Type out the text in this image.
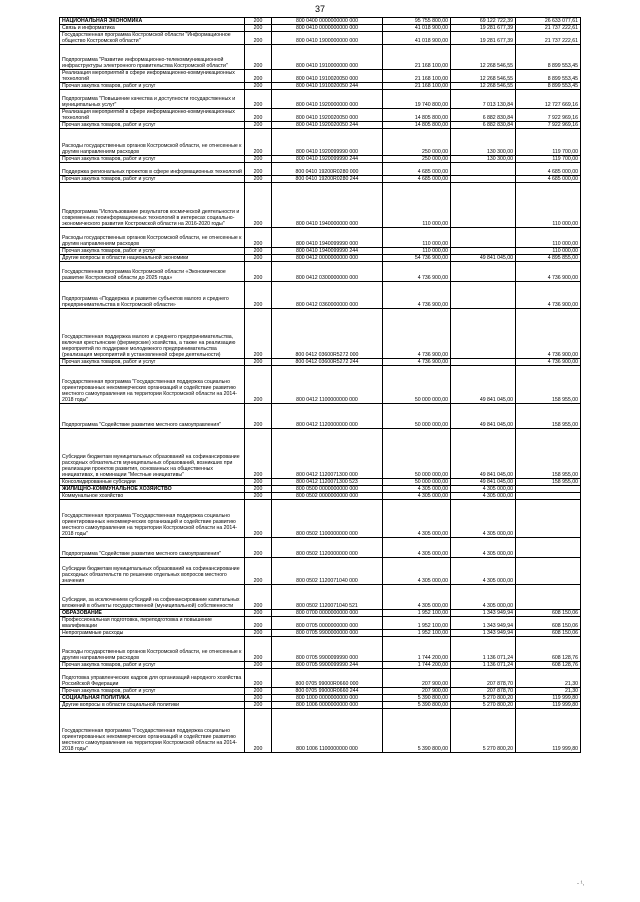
37
НАЦИОНАЛЬНАЯ ЭКОНОМИКА	200	800 0400 0000000000 000	95 755 800,00	69 122 722,39	26 633 077,61
Связь и информатика	200	800 0410 0000000000 000	41 018 900,00	19 281 677,39	21 737 222,61
Государственная программа Костромской области "Информационное общество Костромской области"	200	800 0410 1900000000 000	41 018 900,00	19 281 677,39	21 737 222,61
Подпрограмма "Развитие информационно-телекоммуникационной инфраструктуры электронного правительства Костромской области"	200	800 0410 1910000000 000	21 168 100,00	12 268 546,55	8 899 553,45
Реализация мероприятий в сфере информационно-коммуникационных технологий	200	800 0410 1910020050 000	21 168 100,00	12 268 546,55	8 899 553,45
Прочая закупка товаров, работ и услуг	200	800 0410 1910020050 244	21 168 100,00	12 268 546,55	8 899 553,45
Подпрограмма "Повышение качества и доступности государственных и муниципальных услуг"	200	800 0410 1920000000 000	19 740 800,00	7 013 130,84	12 727 669,16
Реализация мероприятий в сфере информационно-коммуникационных технологий	200	800 0410 1920020050 000	14 805 800,00	6 882 830,84	7 922 969,16
Прочая закупка товаров, работ и услуг	200	800 0410 1920020050 244	14 805 800,00	6 882 830,84	7 922 969,16
Расходы государственных органов Костромской области, не отнесенные к другим направлениям расходов	200	800 0410 1920099990 000	250 000,00	130 300,00	119 700,00
Прочая закупка товаров, работ и услуг	200	800 0410 1920099990 244	250 000,00	130 300,00	119 700,00
Поддержка региональных проектов в сфере информационных технологий	200	800 0410 19200R0280 000	4 685 000,00		4 685 000,00
Прочая закупка товаров, работ и услуг	200	800 0410 19200R0280 244	4 685 000,00		4 685 000,00
Подпрограмма "Использование результатов космической деятельности и современных геоинформационных технологий в интересах социально-экономического развития Костромской области на 2016-2020 годы"	200	800 0410 1940000000 000	110 000,00		110 000,00
Расходы государственных органов Костромской области, не отнесенные к другим направлениям расходов	200	800 0410 1940099990 000	110 000,00		110 000,00
Прочая закупка товаров, работ и услуг	200	800 0410 1940099990 244	110 000,00		110 000,00
Другие вопросы в области национальной экономики	200	800 0412 0000000000 000	54 736 900,00	49 841 045,00	4 895 855,00
Государственная программа Костромской области «Экономическое развитие Костромской области до 2025 года»	200	800 0412 0300000000 000	4 736 900,00		4 736 900,00
Подпрограмма «Поддержка и развитие субъектов малого и среднего предпринимательства в Костромской области»	200	800 0412 0360000000 000	4 736 900,00		4 736 900,00
Государственная поддержка малого и среднего предпринимательства, включая крестьянские (фермерские) хозяйства, а также на реализацию мероприятий по поддержке молодежного предпринимательства (реализация мероприятий в установленной сфере деятельности)	200	800 0412 03600R5272 000	4 736 900,00		4 736 900,00
Прочая закупка товаров, работ и услуг	200	800 0412 03600R5272 244	4 736 900,00		4 736 900,00
Государственная программа "Государственная поддержка социально ориентированных некоммерческих организаций и содействие развитию местного самоуправления на территории Костромской области на 2014-2018 годы"	200	800 0412 1100000000 000	50 000 000,00	49 841 045,00	158 955,00
Подпрограмма "Содействие развитию местного самоуправления"	200	800 0412 1120000000 000	50 000 000,00	49 841 045,00	158 955,00
Субсидии бюджетам муниципальных образований на софинансирование расходных обязательств муниципальных образований, возникших при реализации проектов развития, основанных на общественных инициативах, в номинации "Местные инициативы"	200	800 0412 1120071300 000	50 000 000,00	49 841 045,00	158 955,00
Консолидированные субсидии	200	800 0412 1120071300 523	50 000 000,00	49 841 045,00	158 955,00
ЖИЛИЩНО-КОММУНАЛЬНОЕ ХОЗЯЙСТВО	200	800 0500 0000000000 000	4 305 000,00	4 305 000,00	
Коммунальное хозяйство	200	800 0502 0000000000 000	4 305 000,00	4 305 000,00	
Государственная программа "Государственная поддержка социально ориентированных некоммерческих организаций и содействие развитию местного самоуправления на территории Костромской области на 2014-2018 годы"	200	800 0502 1100000000 000	4 305 000,00	4 305 000,00	
Подпрограмма "Содействие развитию местного самоуправления"	200	800 0502 1120000000 000	4 305 000,00	4 305 000,00	
Субсидии бюджетам муниципальных образований на софинансирование расходных обязательств по решению отдельных вопросов местного значения	200	800 0502 1120071040 000	4 305 000,00	4 305 000,00	
Субсидии, за исключением субсидий на софинансирование капитальных вложений в объекты государственной (муниципальной) собственности	200	800 0502 1120071040 521	4 305 000,00	4 305 000,00	
ОБРАЗОВАНИЕ	200	800 0700 0000000000 000	1 952 100,00	1 343 949,94	608 150,06
Профессиональная подготовка, переподготовка и повышение квалификации	200	800 0705 0000000000 000	1 952 100,00	1 343 949,94	608 150,06
Непрограммные расходы	200	800 0705 9900000000 000	1 952 100,00	1 343 949,94	608 150,06
Расходы государственных органов Костромской области, не отнесенные к другим направлениям расходов	200	800 0705 9900099990 000	1 744 200,00	1 136 071,24	608 128,76
Прочая закупка товаров, работ и услуг	200	800 0705 9900099990 244	1 744 200,00	1 136 071,24	608 128,76
Подготовка управленческих кадров для организаций народного хозяйства Российской Федерации	200	800 0705 99000R0660 000	207 900,00	207 878,70	21,30
Прочая закупка товаров, работ и услуг	200	800 0705 99000R0660 244	207 900,00	207 878,70	21,30
СОЦИАЛЬНАЯ ПОЛИТИКА	200	800 1000 0000000000 000	5 390 800,00	5 270 800,20	119 999,80
Другие вопросы в области социальной политики	200	800 1006 0000000000 000	5 390 800,00	5 270 800,20	119 999,80
Государственная программа "Государственная поддержка социально ориентированных некоммерческих организаций и содействие развитию местного самоуправления на территории Костромской области на 2014-2018 годы"	200	800 1006 1100000000 000	5 390 800,00	5 270 800,20	119 999,80
- ¹,
